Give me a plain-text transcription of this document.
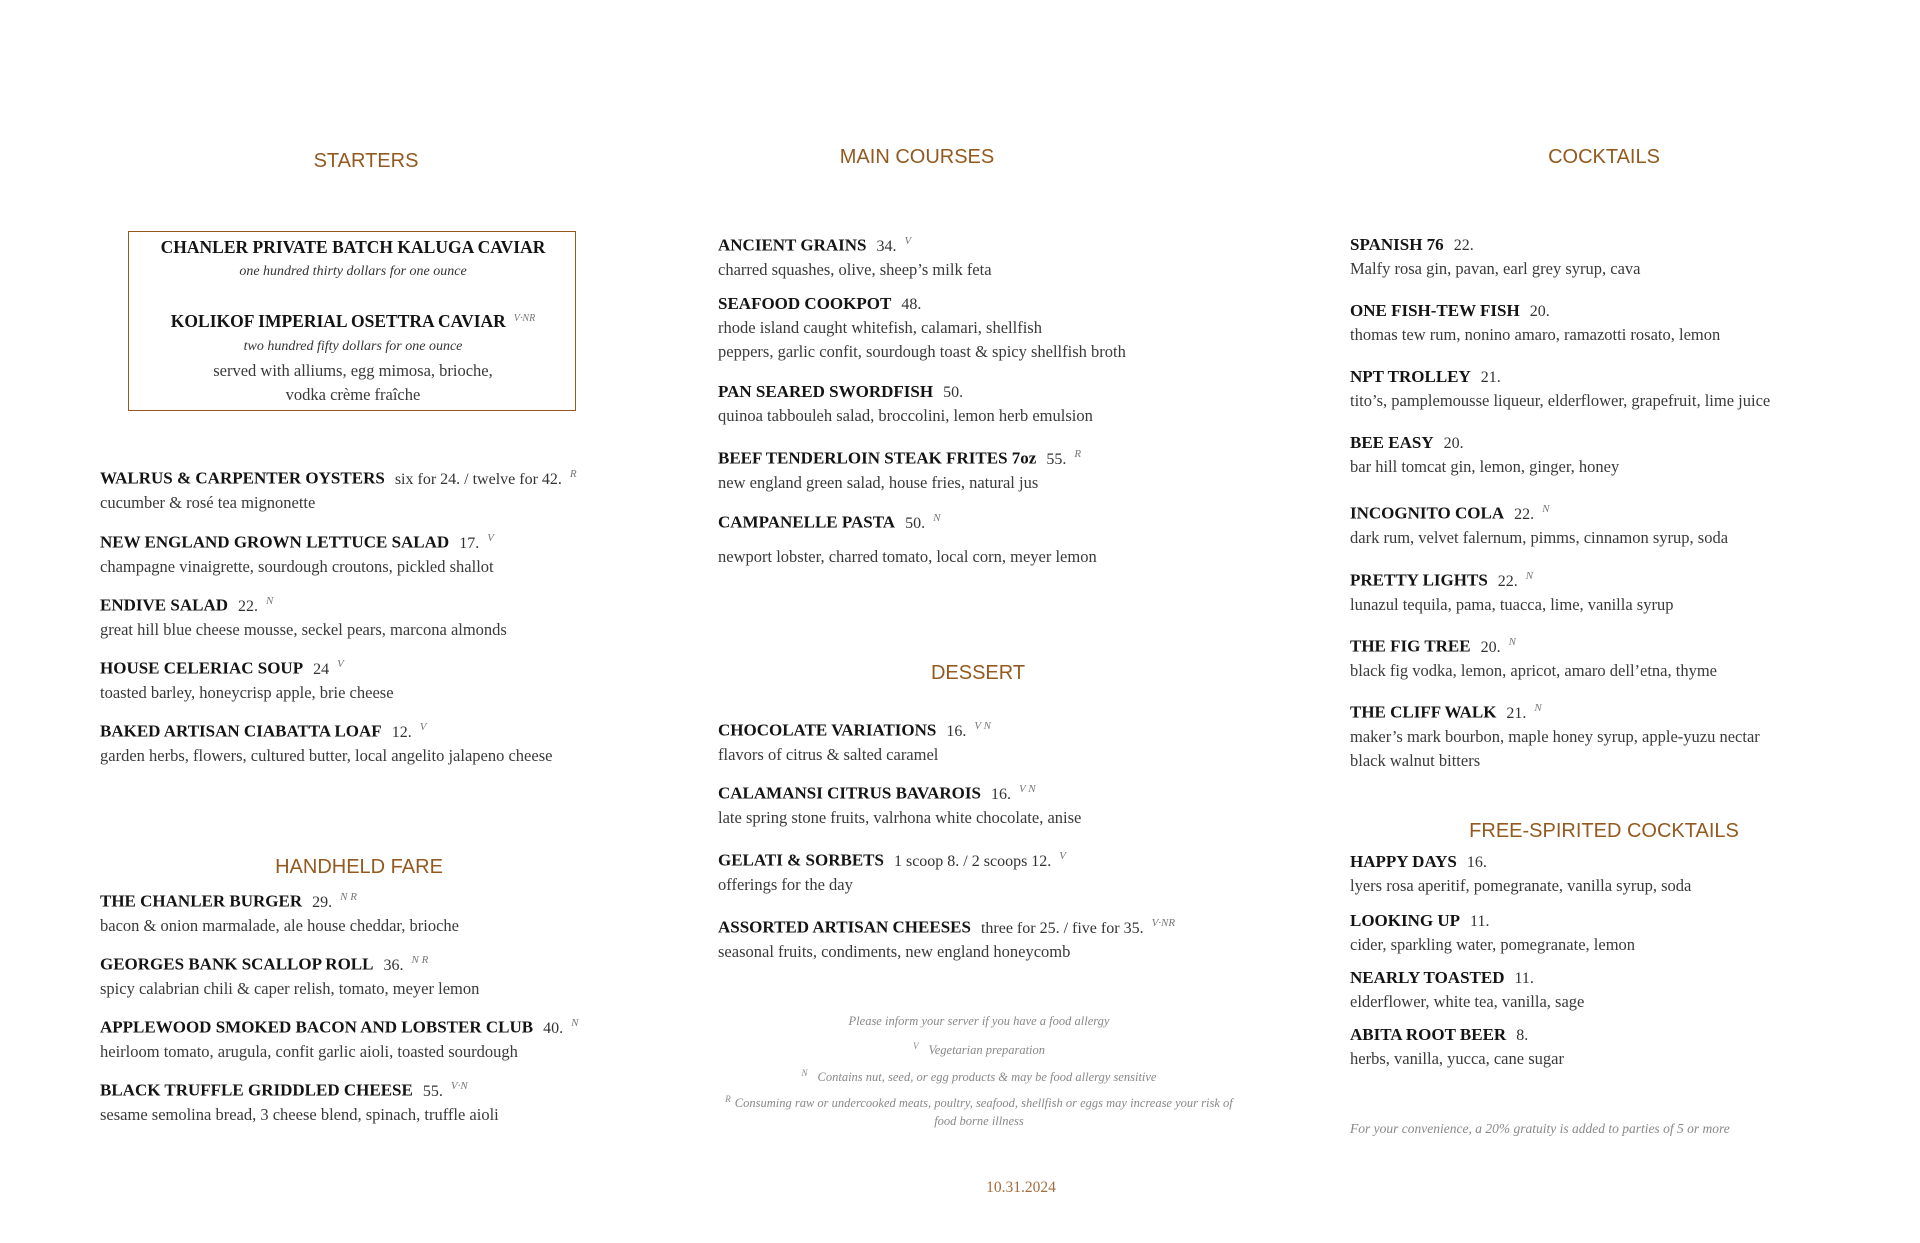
STARTERS
HANDHELD FARE
MAIN COURSES
DESSERT
COCKTAILS
FREE-SPIRITED COCKTAILS
CHANLER PRIVATE BATCH KALUGA CAVIAR
one hundred thirty dollars for one ounce
KOLIKOF IMPERIAL OSETTRA CAVIAR $^{V\cdot NR}$
two hundred fifty dollars for one ounce
served with alliums, egg mimosa, brioche,
vodka crème fraîche
WALRUS & CARPENTER OYSTERS six for 24. / twelve for 42. $^R$
cucumber & rosé tea mignonette
NEW ENGLAND GROWN LETTUCE SALAD 17. $^V$
champagne vinaigrette, sourdough croutons, pickled shallot
ENDIVE SALAD 22. $^N$
great hill blue cheese mousse, seckel pears, marcona almonds
HOUSE CELERIAC SOUP 24 $^V$
toasted barley, honeycrisp apple, brie cheese
BAKED ARTISAN CIABATTA LOAF 12. $^V$
garden herbs, flowers, cultured butter, local angelito jalapeno cheese
THE CHANLER BURGER 29. $^{N R}$
bacon & onion marmalade, ale house cheddar, brioche
GEORGES BANK SCALLOP ROLL 36. $^{N R}$
spicy calabrian chili & caper relish, tomato, meyer lemon
APPLEWOOD SMOKED BACON AND LOBSTER CLUB 40. $^N$
heirloom tomato, arugula, confit garlic aioli, toasted sourdough
BLACK TRUFFLE GRIDDLED CHEESE 55. $^{V\cdot N}$
sesame semolina bread, 3 cheese blend, spinach, truffle aioli
ANCIENT GRAINS 34. $^V$
charred squashes, olive, sheep’s milk feta
SEAFOOD COOKPOT 48.
rhode island caught whitefish, calamari, shellfish
peppers, garlic confit, sourdough toast & spicy shellfish broth
PAN SEARED SWORDFISH 50.
quinoa tabbouleh salad, broccolini, lemon herb emulsion
BEEF TENDERLOIN STEAK FRITES 7oz 55. $^R$
new england green salad, house fries, natural jus
CAMPANELLE PASTA 50. $^N$
newport lobster, charred tomato, local corn, meyer lemon
CHOCOLATE VARIATIONS 16. $^{V N}$
flavors of citrus & salted caramel
CALAMANSI CITRUS BAVAROIS 16. $^{V N}$
late spring stone fruits, valrhona white chocolate, anise
GELATI & SORBETS 1 scoop 8. / 2 scoops 12. $^V$
offerings for the day
ASSORTED ARTISAN CHEESES three for 25. / five for 35. $^{V\cdot NR}$
seasonal fruits, condiments, new england honeycomb
SPANISH 76 22.
Malfy rosa gin, pavan, earl grey syrup, cava
ONE FISH-TEW FISH 20.
thomas tew rum, nonino amaro, ramazotti rosato, lemon
NPT TROLLEY 21.
tito’s, pamplemousse liqueur, elderflower, grapefruit, lime juice
BEE EASY 20.
bar hill tomcat gin, lemon, ginger, honey
INCOGNITO COLA 22. $^N$
dark rum, velvet falernum, pimms, cinnamon syrup, soda
PRETTY LIGHTS 22. $^N$
lunazul tequila, pama, tuacca, lime, vanilla syrup
THE FIG TREE 20. $^N$
black fig vodka, lemon, apricot, amaro dell’etna, thyme
THE CLIFF WALK 21. $^N$
maker’s mark bourbon, maple honey syrup, apple-yuzu nectar
black walnut bitters
HAPPY DAYS 16.
lyers rosa aperitif, pomegranate, vanilla syrup, soda
LOOKING UP 11.
cider, sparkling water, pomegranate, lemon
NEARLY TOASTED 11.
elderflower, white tea, vanilla, sage
ABITA ROOT BEER 8.
herbs, vanilla, yucca, cane sugar
Please inform your server if you have a food allergy
$^V$ Vegetarian preparation
$^N$ Contains nut, seed, or egg products & may be food allergy sensitive
$^R$ Consuming raw or undercooked meats, poultry, seafood, shellfish or eggs may increase your risk of
food borne illness	For your convenience, a 20% gratuity is added to parties of 5 or more
10.31.2024
